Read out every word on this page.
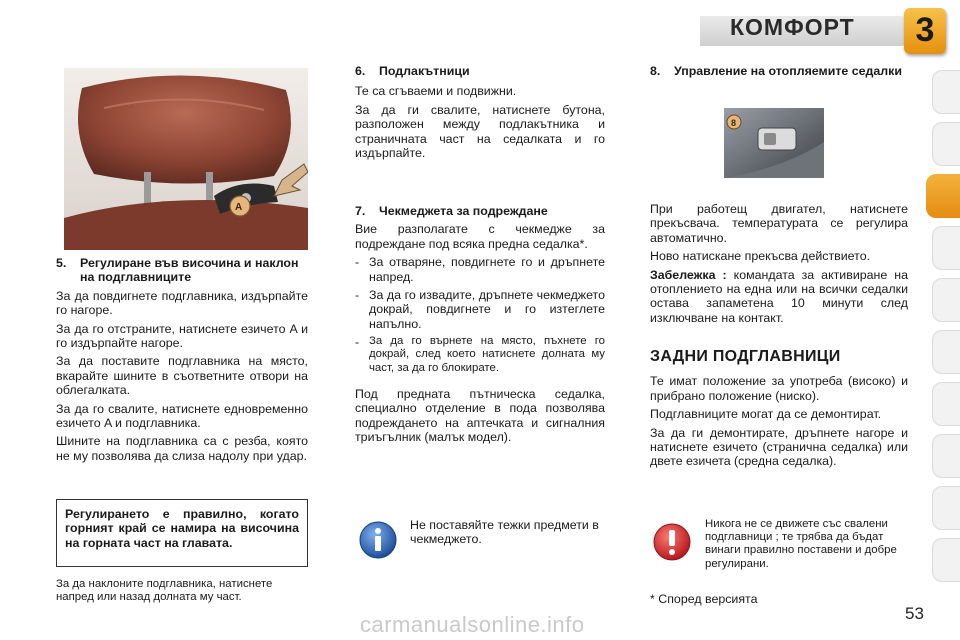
КОМФОРТ	3
A
5.	Регулиране във височина и наклон на подглавниците

За да повдигнете подглавника, издърпайте го нагоре.

За да го отстраните, натиснете езичето A и го издърпайте нагоре.

За да поставите подглавника на място, вкарайте шините в съответните отвори на облегалката.

За да го свалите, натиснете едновременно езичето A и подглавника.

Шините на подглавника са с резба, която не му позволява да слиза надолу при удар.

Регулирането е правилно, когато горният край се намира на височина на горната част на главата.
За да наклоните подглавника, натиснете напред или назад долната му част.
6.	Подлакътници

Те са сгъваеми и подвижни.

За да ги свалите, натиснете бутона, разположен между подлакътника и страничната част на седалката и го издърпайте.

7.	Чекмеджета за подреждане

Вие разполагате с чекмедже за подреждане под всяка предна седалка*.

- За отваряне, повдигнете го и дръпнете напред.

- За да го извадите, дръпнете чекмеджето докрай, повдигнете и го изтеглете напълно.

- За да го върнете на място, пъхнете го докрай, след което натиснете долната му част, за да го блокирате.

Под предната пътническа седалка, специално отделение в пода позволява подреждането на аптечката и сигналния триъгълник (малък модел).

Не поставяйте тежки предмети в чекмеджето.
8.	Управление на отопляемите седалки
8

При работещ двигател, натиснете прекъсвача. температурата се регулира автоматично.

Ново натискане прекъсва действието.

Забележка : командата за активиране на отоплението на една или на всички седалки остава запаметена 10 минути след изключване на контакт.

ЗАДНИ ПОДГЛАВНИЦИ

Те имат положение за употреба (високо) и прибрано положение (ниско).

Подглавниците могат да се демонтират.

За да ги демонтирате, дръпнете нагоре и натиснете езичето (странична седалка) или двете езичета (средна седалка).

Никога не се движете със свалени подглавници ; те трябва да бъдат винаги правилно поставени и добре регулирани.
* Според версията
carmanualsonline.info	53
